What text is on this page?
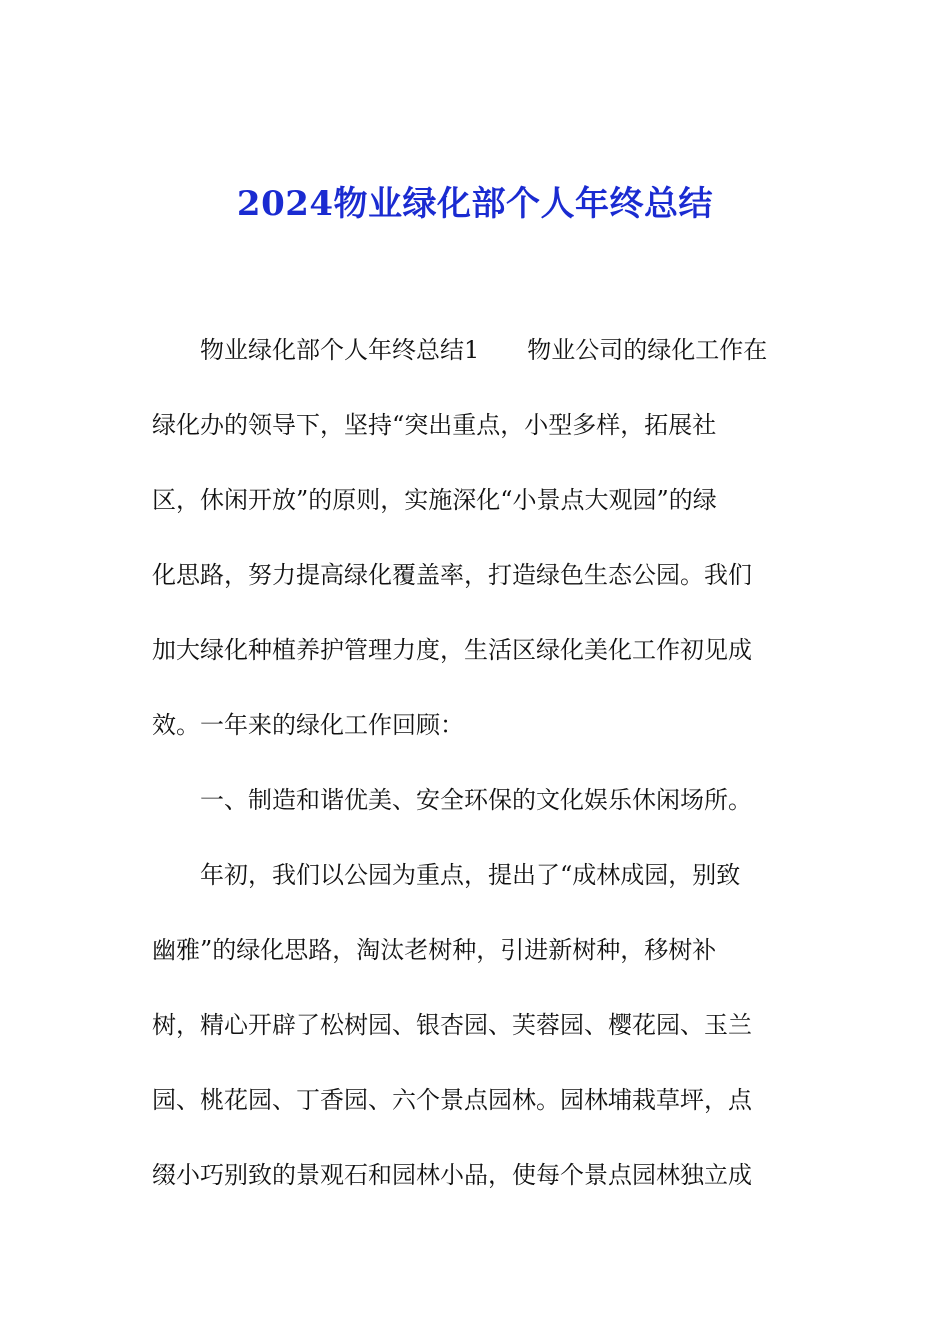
2024物业绿化部个人年终总结
　　物业绿化部个人年终总结1　　物业公司的绿化工作在
绿化办的领导下，坚持“突出重点，小型多样，拓展社
区，休闲开放”的原则，实施深化“小景点大观园”的绿
化思路，努力提高绿化覆盖率，打造绿色生态公园。我们
加大绿化种植养护管理力度，生活区绿化美化工作初见成
效。一年来的绿化工作回顾：
　　一、制造和谐优美、安全环保的文化娱乐休闲场所。
　　年初，我们以公园为重点，提出了“成林成园，别致
幽雅”的绿化思路，淘汰老树种，引进新树种，移树补
树，精心开辟了松树园、银杏园、芙蓉园、樱花园、玉兰
园、桃花园、丁香园、六个景点园林。园林埔栽草坪，点
缀小巧别致的景观石和园林小品，使每个景点园林独立成
